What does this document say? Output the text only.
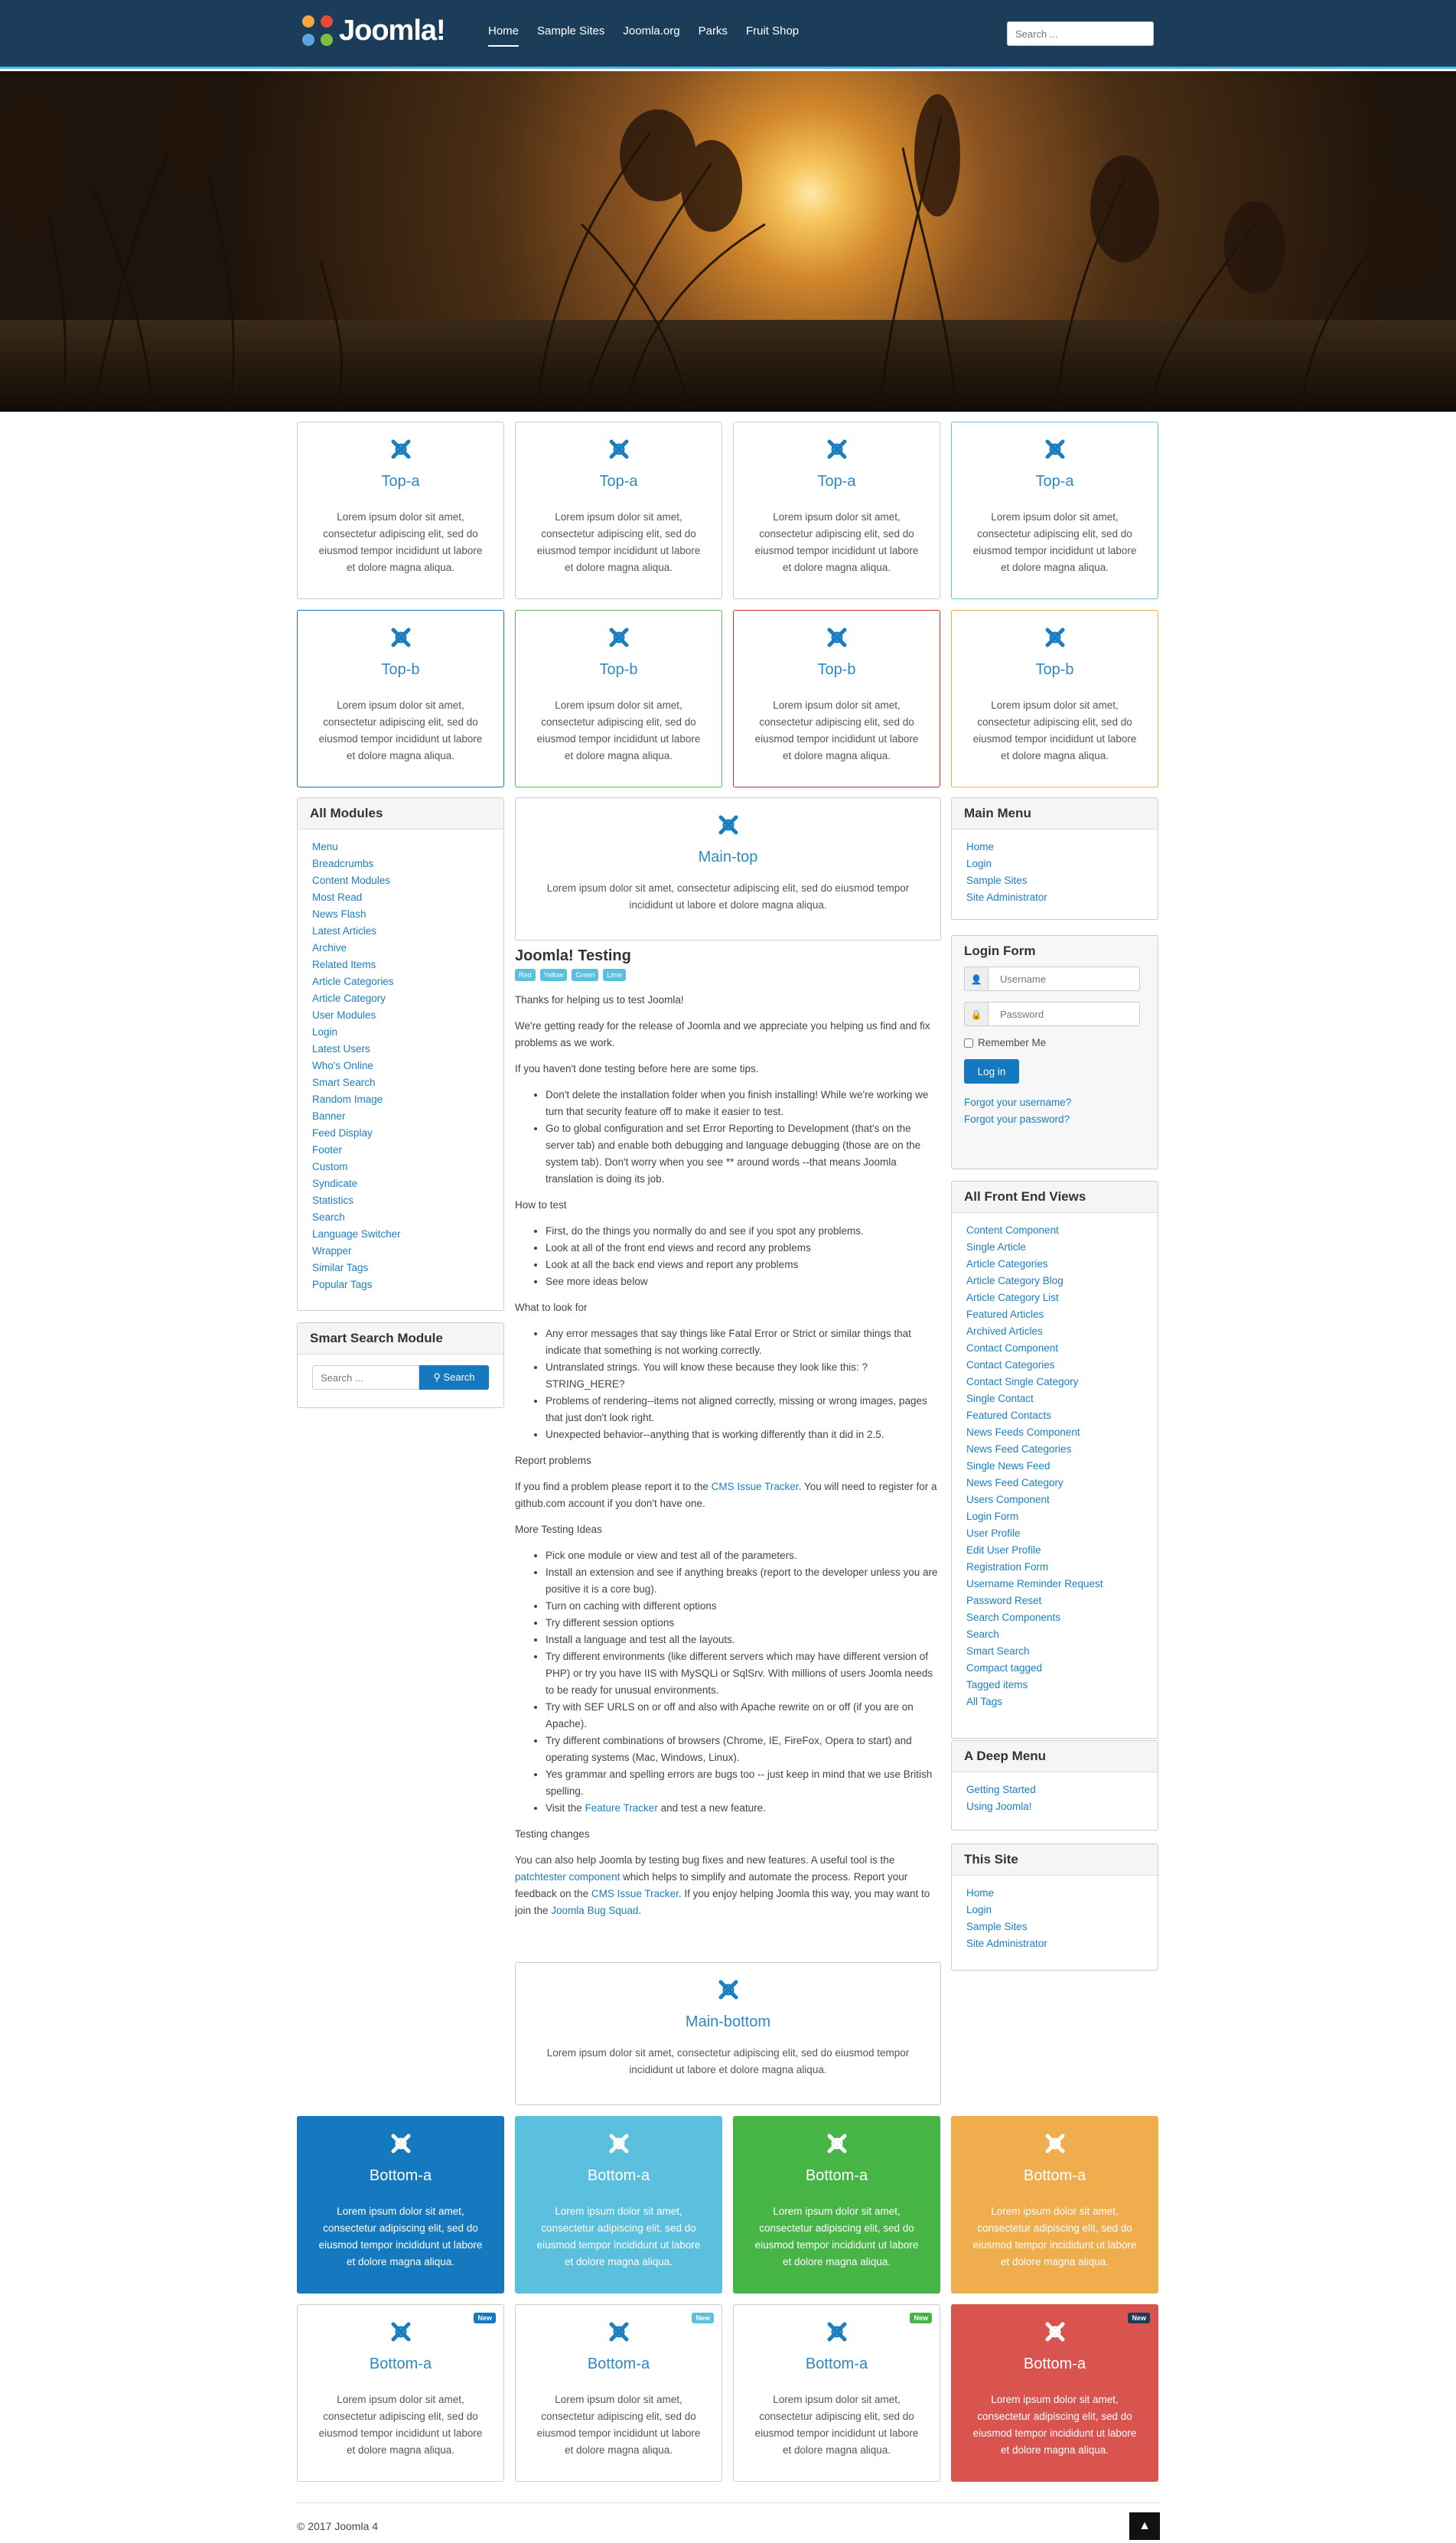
Joomla!	Home Sample Sites Joomla.org Parks Fruit Shop
Search ...
Top-a
Lorem ipsum dolor sit amet, consectetur adipiscing elit, sed do eiusmod tempor incididunt ut labore et dolore magna aliqua.
Top-a
Lorem ipsum dolor sit amet, consectetur adipiscing elit, sed do eiusmod tempor incididunt ut labore et dolore magna aliqua.
Top-a
Lorem ipsum dolor sit amet, consectetur adipiscing elit, sed do eiusmod tempor incididunt ut labore et dolore magna aliqua.
Top-a
Lorem ipsum dolor sit amet, consectetur adipiscing elit, sed do eiusmod tempor incididunt ut labore et dolore magna aliqua.
Top-b
Lorem ipsum dolor sit amet, consectetur adipiscing elit, sed do eiusmod tempor incididunt ut labore et dolore magna aliqua.
Top-b
Lorem ipsum dolor sit amet, consectetur adipiscing elit, sed do eiusmod tempor incididunt ut labore et dolore magna aliqua.
Top-b
Lorem ipsum dolor sit amet, consectetur adipiscing elit, sed do eiusmod tempor incididunt ut labore et dolore magna aliqua.
Top-b
Lorem ipsum dolor sit amet, consectetur adipiscing elit, sed do eiusmod tempor incididunt ut labore et dolore magna aliqua.
All Modules
Menu
Breadcrumbs
Content Modules
Most Read
News Flash
Latest Articles
Archive
Related Items
Article Categories
Article Category
User Modules
Login
Latest Users
Who's Online
Smart Search
Random Image
Banner
Feed Display
Footer
Custom
Syndicate
Statistics
Search
Language Switcher
Wrapper
Similar Tags
Popular Tags
Smart Search Module
Search ...
⚲ Search
Main-top
Lorem ipsum dolor sit amet, consectetur adipiscing elit, sed do eiusmod tempor incididunt ut labore et dolore magna aliqua.
Joomla! Testing
Red	Yellow	Green	Lime

Thanks for helping us to test Joomla!

We're getting ready for the release of Joomla and we appreciate you helping us find and fix problems as we work.

If you haven't done testing before here are some tips.

• Don't delete the installation folder when you finish installing! While we're working we turn that security feature off to make it easier to test.
• Go to global configuration and set Error Reporting to Development (that's on the server tab) and enable both debugging and language debugging (those are on the system tab). Don't worry when you see ** around words --that means Joomla translation is doing its job.

How to test

• First, do the things you normally do and see if you spot any problems.
• Look at all of the front end views and record any problems
• Look at all the back end views and report any problems
• See more ideas below

What to look for

• Any error messages that say things like Fatal Error or Strict or similar things that indicate that something is not working correctly.
• Untranslated strings. You will know these because they look like this: ?STRING_HERE?
• Problems of rendering--items not aligned correctly, missing or wrong images, pages that just don't look right.
• Unexpected behavior--anything that is working differently than it did in 2.5.

Report problems

If you find a problem please report it to the CMS Issue Tracker. You will need to register for a github.com account if you don't have one.

More Testing Ideas

• Pick one module or view and test all of the parameters.
• Install an extension and see if anything breaks (report to the developer unless you are positive it is a core bug).
• Turn on caching with different options
• Try different session options
• Install a language and test all the layouts.
• Try different environments (like different servers which may have different version of PHP) or try you have IIS with MySQLi or SqlSrv. With millions of users Joomla needs to be ready for unusual environments.
• Try with SEF URLS on or off and also with Apache rewrite on or off (if you are on Apache).
• Try different combinations of browsers (Chrome, IE, FireFox, Opera to start) and operating systems (Mac, Windows, Linux).
• Yes grammar and spelling errors are bugs too -- just keep in mind that we use British spelling.
• Visit the Feature Tracker and test a new feature.

Testing changes

You can also help Joomla by testing bug fixes and new features. A useful tool is the patchtester component which helps to simplify and automate the process. Report your feedback on the CMS Issue Tracker. If you enjoy helping Joomla this way, you may want to join the Joomla Bug Squad.

Main-bottom
Lorem ipsum dolor sit amet, consectetur adipiscing elit, sed do eiusmod tempor incididunt ut labore et dolore magna aliqua.
Main Menu
Home
Login
Sample Sites
Site Administrator
Login Form
👤
Username
🔒
Remember Me
Log in
Forgot your username?
Forgot your password?
All Front End Views
Content Component
Single Article
Article Categories
Article Category Blog
Article Category List
Featured Articles
Archived Articles
Contact Component
Contact Categories
Contact Single Category
Single Contact
Featured Contacts
News Feeds Component
News Feed Categories
Single News Feed
News Feed Category
Users Component
Login Form
User Profile
Edit User Profile
Registration Form
Username Reminder Request
Password Reset
Search Components
Search
Smart Search
Compact tagged
Tagged items
All Tags
A Deep Menu
Getting Started
Using Joomla!
This Site
Home
Login
Sample Sites
Site Administrator
Bottom-a
Lorem ipsum dolor sit amet, consectetur adipiscing elit, sed do eiusmod tempor incididunt ut labore et dolore magna aliqua.
Bottom-a
Lorem ipsum dolor sit amet, consectetur adipiscing elit, sed do eiusmod tempor incididunt ut labore et dolore magna aliqua.
Bottom-a
Lorem ipsum dolor sit amet, consectetur adipiscing elit, sed do eiusmod tempor incididunt ut labore et dolore magna aliqua.
Bottom-a
Lorem ipsum dolor sit amet, consectetur adipiscing elit, sed do eiusmod tempor incididunt ut labore et dolore magna aliqua.
New
Bottom-a
Lorem ipsum dolor sit amet, consectetur adipiscing elit, sed do eiusmod tempor incididunt ut labore et dolore magna aliqua.
New
Bottom-a
Lorem ipsum dolor sit amet, consectetur adipiscing elit, sed do eiusmod tempor incididunt ut labore et dolore magna aliqua.
New
Bottom-a
Lorem ipsum dolor sit amet, consectetur adipiscing elit, sed do eiusmod tempor incididunt ut labore et dolore magna aliqua.
New
Bottom-a
Lorem ipsum dolor sit amet, consectetur adipiscing elit, sed do eiusmod tempor incididunt ut labore et dolore magna aliqua.
© 2017 Joomla 4	▲
